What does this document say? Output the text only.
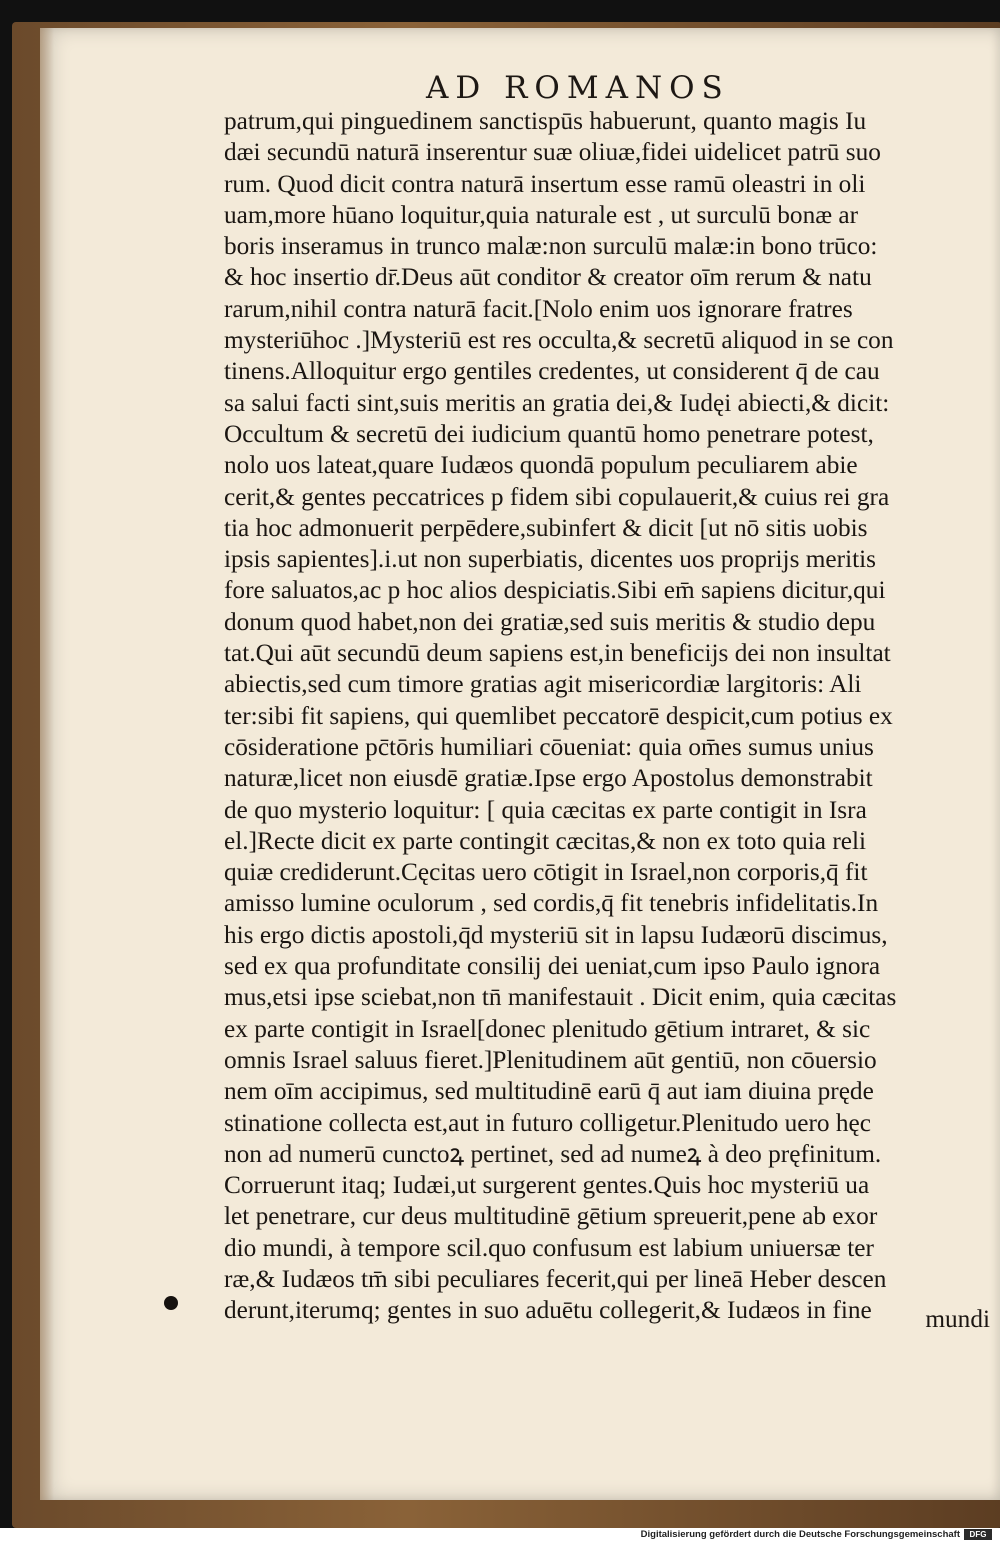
AD ROMANOS
patrum,qui pinguedinem sanctispūs habuerunt, quanto magis Iu
dæi secundū naturā inserentur suæ oliuæ,fidei uidelicet patrū suo
rum. Quod dicit contra naturā insertum esse ramū oleastri in oli
uam,more hūano loquitur,quia naturale est , ut surculū bonæ ar
boris inseramus in trunco malæ:non surculū malæ:in bono trūco:
& hoc insertio dr̄.Deus aūt conditor & creator oīm rerum & natu
rarum,nihil contra naturā facit.[Nolo enim uos ignorare fratres
mysteriūhoc .]Mysteriū est res occulta,& secretū aliquod in se con
tinens.Alloquitur ergo gentiles credentes, ut considerent q̄ de cau
sa salui facti sint,suis meritis an gratia dei,& Iudęi abiecti,& dicit:
Occultum & secretū dei iudicium quantū homo penetrare potest,
nolo uos lateat,quare Iudæos quondā populum peculiarem abie
cerit,& gentes peccatrices p fidem sibi copulauerit,& cuius rei gra
tia hoc admonuerit perpēdere,subinfert & dicit [ut nō sitis uobis
ipsis sapientes].i.ut non superbiatis, dicentes uos proprijs meritis
fore saluatos,ac p hoc alios despiciatis.Sibi em̄ sapiens dicitur,qui
donum quod habet,non dei gratiæ,sed suis meritis & studio depu
tat.Qui aūt secundū deum sapiens est,in beneficijs dei non insultat
abiectis,sed cum timore gratias agit misericordiæ largitoris: Ali
ter:sibi fit sapiens, qui quemlibet peccatorē despicit,cum potius ex
cōsideratione pc̄tōris humiliari cōueniat: quia om̄es sumus unius
naturæ,licet non eiusdē gratiæ.Ipse ergo Apostolus demonstrabit
de quo mysterio loquitur: [ quia cæcitas ex parte contigit in Isra
el.]Recte dicit ex parte contingit cæcitas,& non ex toto quia reli
quiæ crediderunt.Cęcitas uero cōtigit in Israel,non corporis,q̄ fit
amisso lumine oculorum , sed cordis,q̄ fit tenebris infidelitatis.In
his ergo dictis apostoli,q̄d mysteriū sit in lapsu Iudæorū discimus,
sed ex qua profunditate consilij dei ueniat,cum ipso Paulo ignora
mus,etsi ipse sciebat,non tn̄ manifestauit . Dicit enim, quia cæcitas
ex parte contigit in Israel[donec plenitudo gētium intraret, & sic
omnis Israel saluus fieret.]Plenitudinem aūt gentiū, non cōuersio
nem oīm accipimus, sed multitudinē earū q̄ aut iam diuina prędе
stinatione collecta est,aut in futuro colligetur.Plenitudo uero hęc
non ad numerū cunctoꝝ pertinet, sed ad numeꝝ à deo pręfinitum.
Corruerunt itaq; Iudæi,ut surgerent gentes.Quis hoc mysteriū ua
let penetrare, cur deus multitudinē gētium spreuerit,pene ab exor
dio mundi, à tempore scil.quo confusum est labium uniuersæ ter
ræ,& Iudæos tm̄ sibi peculiares fecerit,qui per lineā Heber descen
derunt,iterumq; gentes in suo aduētu collegerit,& Iudæos in fine	mundi
Digitalisierung gefördert durch die Deutsche Forschungsgemeinschaft	DFG
